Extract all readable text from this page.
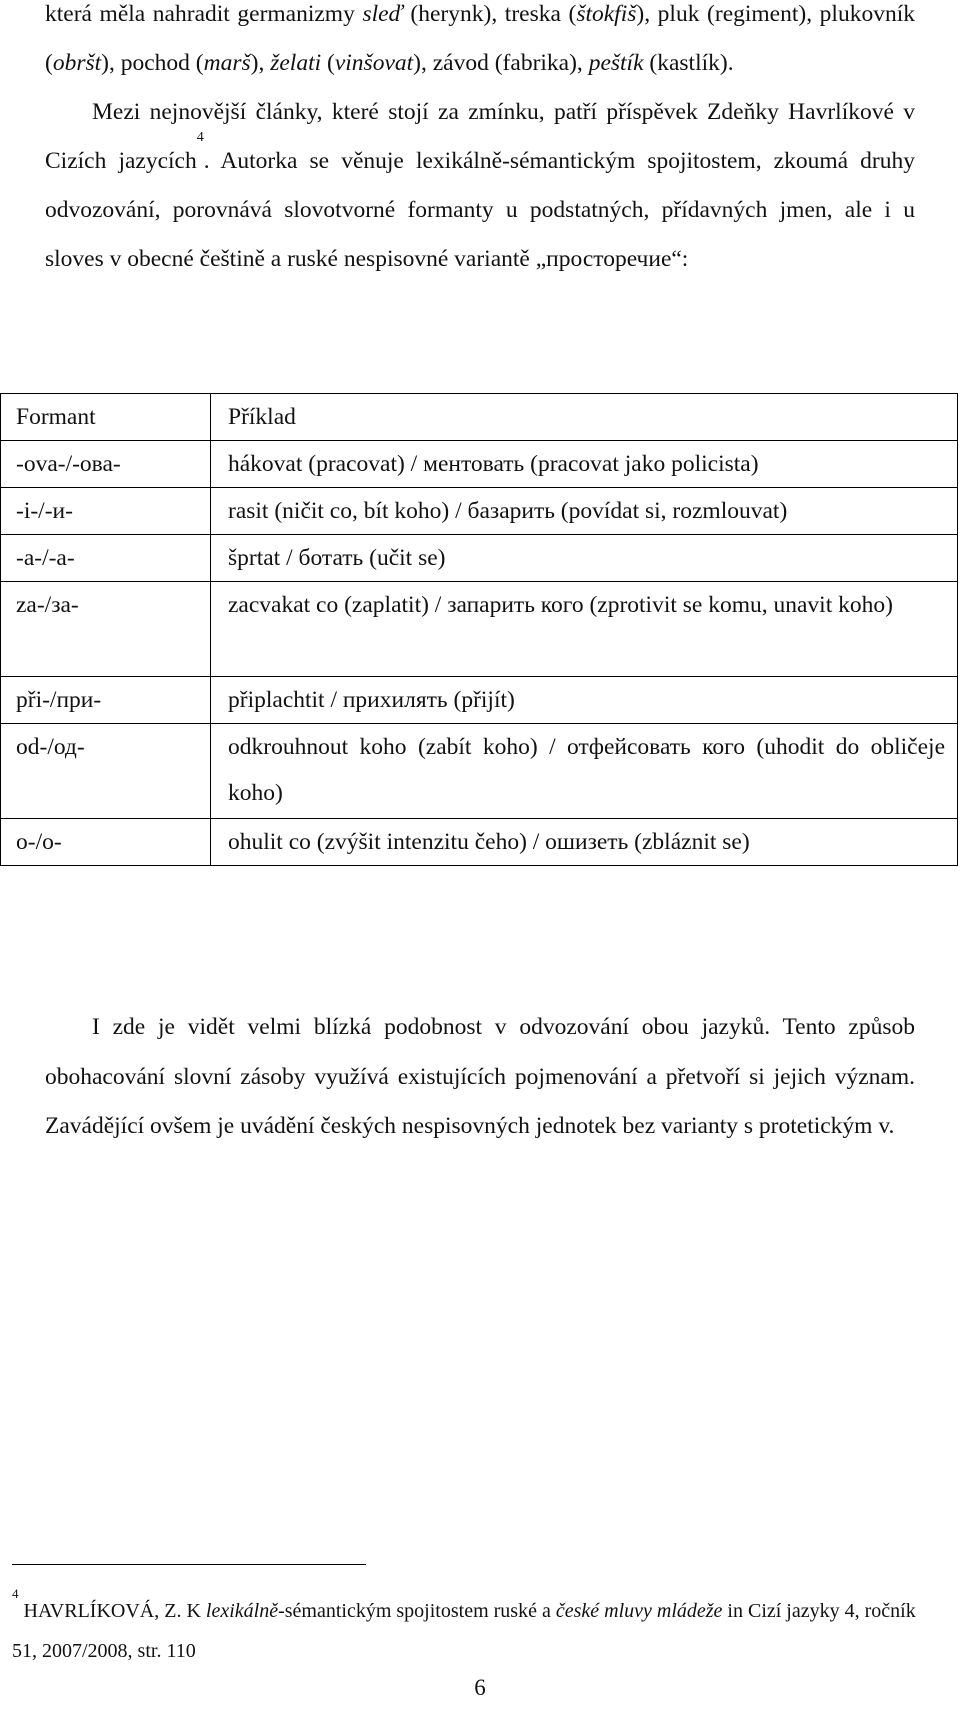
která měla nahradit germanizmy sleď (herynk), treska (štokfiš), pluk (regiment), plukovník (obršt), pochod (marš), želati (vinšovat), závod (fabrika), peštík (kastlík).
Mezi nejnovější články, které stojí za zmínku, patří příspěvek Zdeňky Havrlíkové v Cizích jazycích$^4$. Autorka se věnuje lexikálně-sémantickým spojitostem, zkoumá druhy odvozování, porovnává slovotvorné formanty u podstatných, přídavných jmen, ale i u sloves v obecné češtině a ruské nespisovné variantě „просторечие“:
Formant	Příklad
-ova-/-ова-	hákovat (pracovat) / ментовать (pracovat jako policista)
-i-/-и-	rasit (ničit co, bít koho) / базарить (povídat si, rozmlouvat)
-a-/-а-	šprtat / ботать (učit se)
za-/за-	zacvakat co (zaplatit) / запарить кого (zprotivit se komu, unavit koho)
při-/при-	připlachtit / прихилять (přijít)
od-/од-	odkrouhnout koho (zabít koho) / отфейсовать кого (uhodit do obličeje koho)
o-/о-	ohulit co (zvýšit intenzitu čeho) / ошизеть (zbláznit se)
I zde je vidět velmi blízká podobnost v odvozování obou jazyků. Tento způsob obohacování slovní zásoby využívá existujících pojmenování a přetvoří si jejich význam. Zavádějící ovšem je uvádění českých nespisovných jednotek bez varianty s protetickým v.
$^4$ HAVRLÍKOVÁ, Z. K lexikálně-sémantickým spojitostem ruské a české mluvy mládeže in Cizí jazyky 4, ročník 51, 2007/2008, str. 110
6
